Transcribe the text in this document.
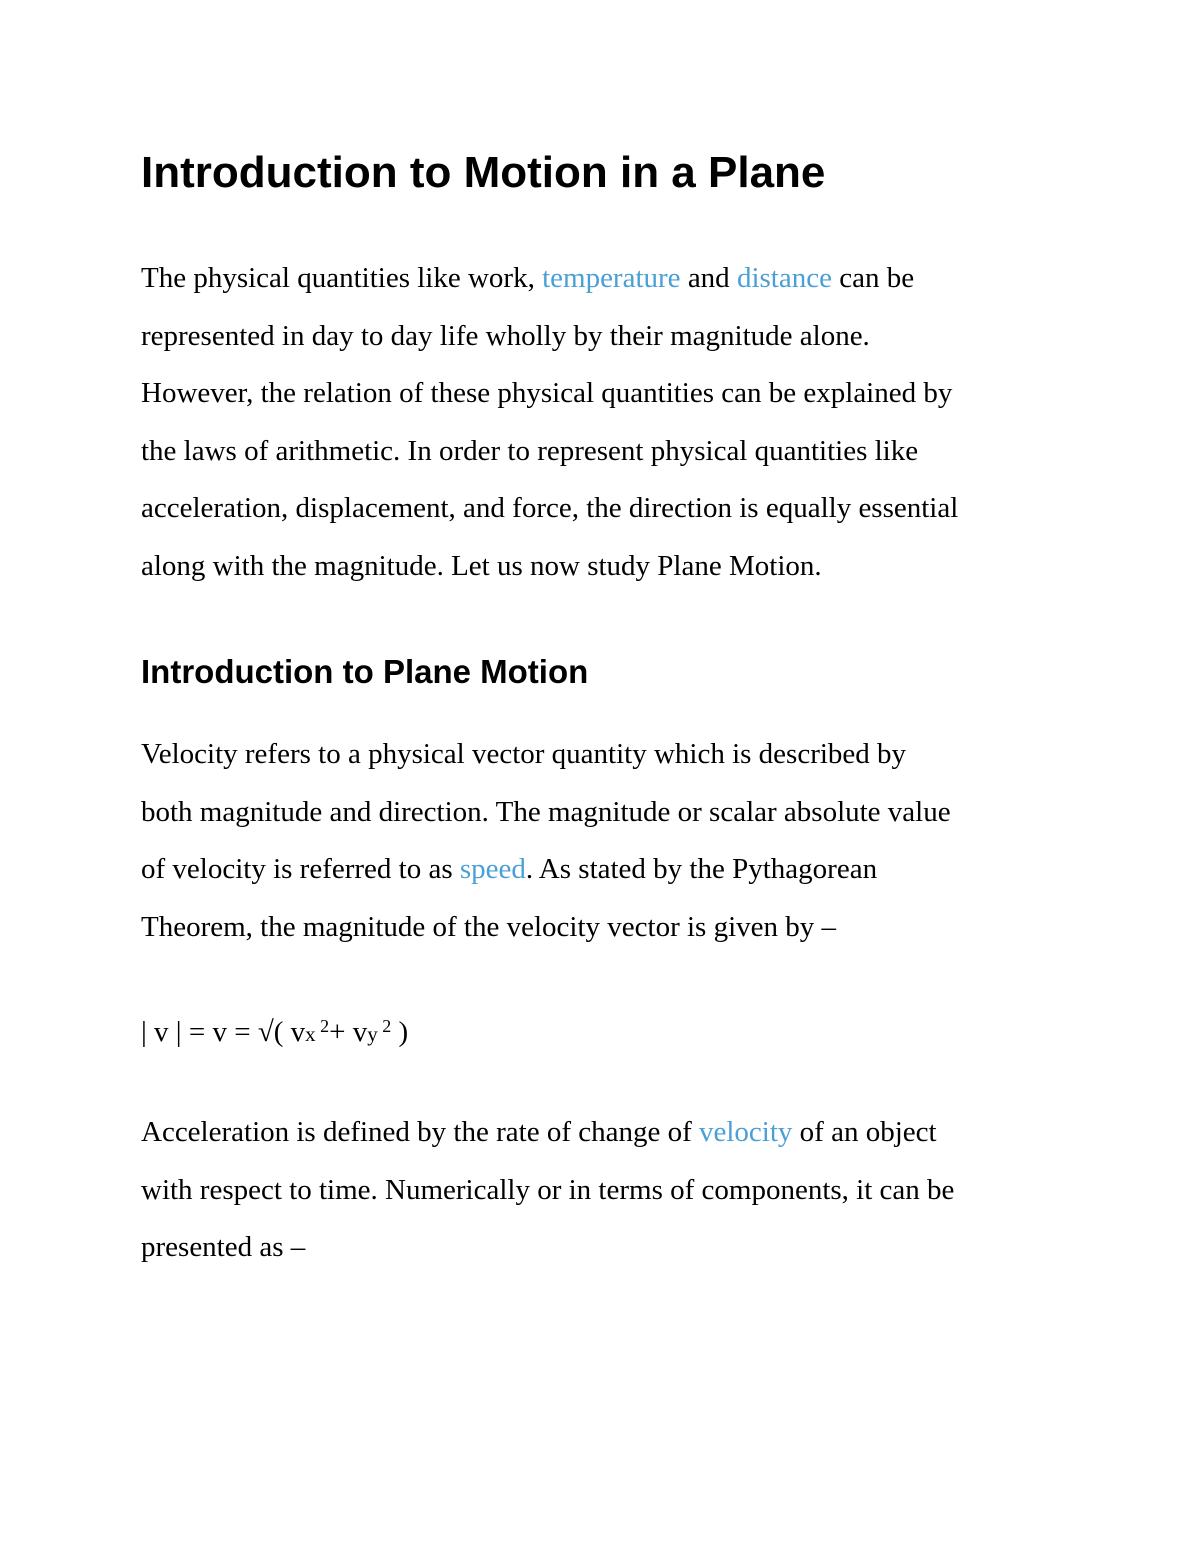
Introduction to Motion in a Plane

The physical quantities like work, temperature and distance can be

represented in day to day life wholly by their magnitude alone.

However, the relation of these physical quantities can be explained by

the laws of arithmetic. In order to represent physical quantities like

acceleration, displacement, and force, the direction is equally essential

along with the magnitude. Let us now study Plane Motion.

Introduction to Plane Motion

Velocity refers to a physical vector quantity which is described by

both magnitude and direction. The magnitude or scalar absolute value

of velocity is referred to as speed. As stated by the Pythagorean

Theorem, the magnitude of the velocity vector is given by –

| v | = v = √( vx $^2$+ vy $^2$ )

Acceleration is defined by the rate of change of velocity of an object

with respect to time. Numerically or in terms of components, it can be

presented as –
